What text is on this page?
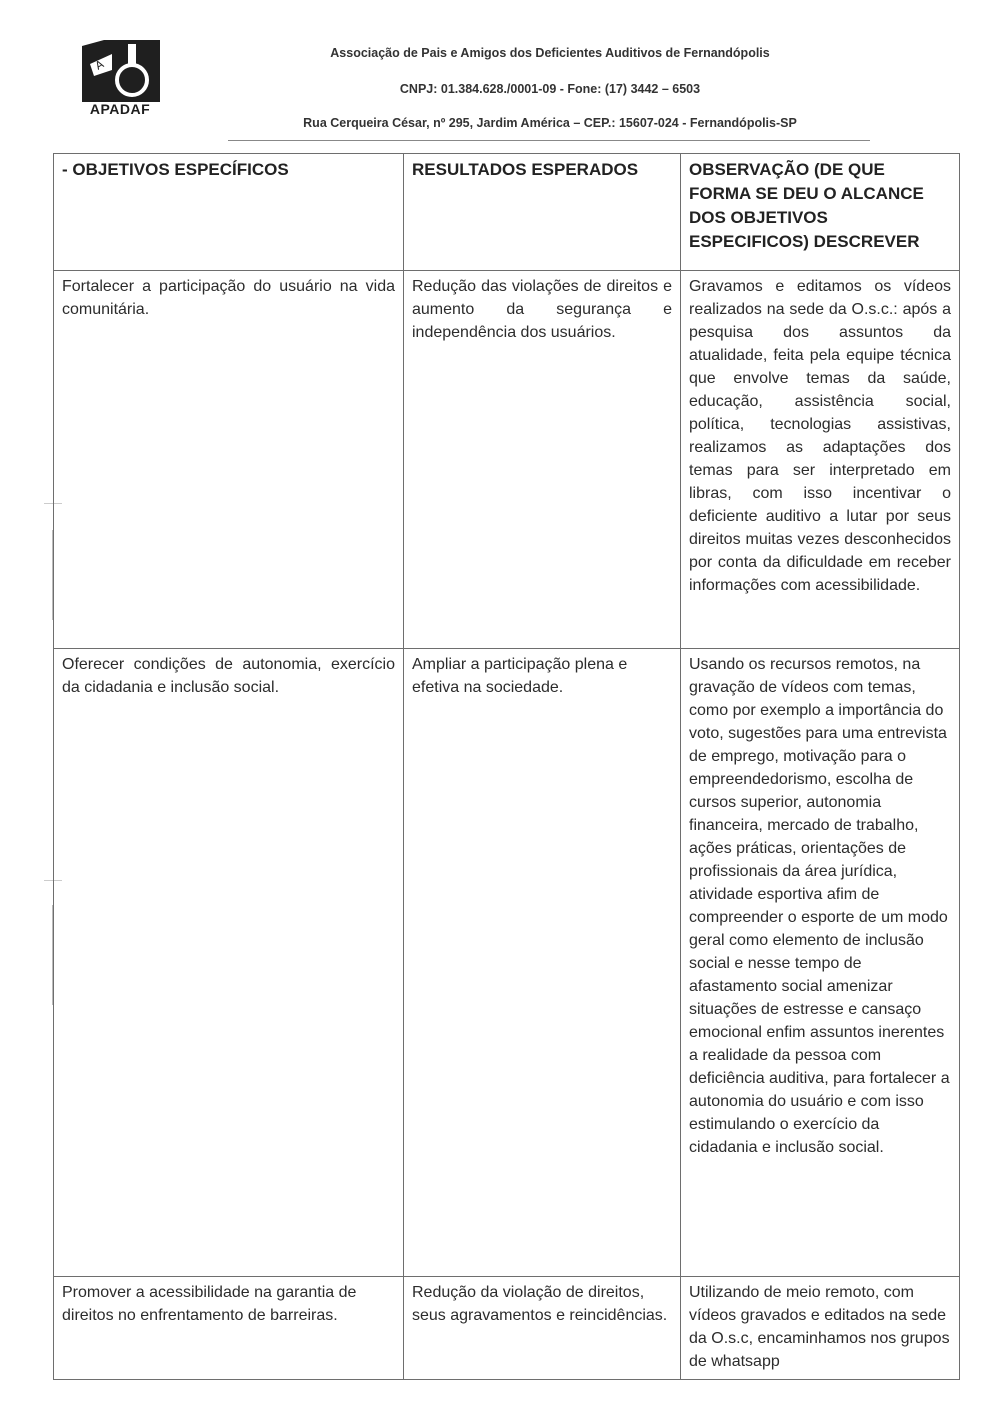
A
APADAF
Associação de Pais e Amigos dos Deficientes Auditivos de Fernandópolis
CNPJ: 01.384.628./0001-09 - Fone: (17) 3442 – 6503
Rua Cerqueira César, nº 295, Jardim América – CEP.: 15607-024 - Fernandópolis-SP
- OBJETIVOS ESPECÍFICOS	RESULTADOS ESPERADOS	OBSERVAÇÃO (DE QUE FORMA SE DEU O ALCANCE DOS OBJETIVOS ESPECIFICOS) DESCREVER
Fortalecer a participação do usuário na vida comunitária.	Redução das violações de direitos e aumento da segurança e independência dos usuários.	Gravamos e editamos os vídeos realizados na sede da O.s.c.: após a pesquisa dos assuntos da atualidade, feita pela equipe técnica que envolve temas da saúde, educação, assistência social, política, tecnologias assistivas, realizamos as adaptações dos temas para ser interpretado em libras, com isso incentivar o deficiente auditivo a lutar por seus direitos muitas vezes desconhecidos por conta da dificuldade em receber informações com acessibilidade.
Oferecer condições de autonomia, exercício da cidadania e inclusão social.	Ampliar a participação plena e efetiva na sociedade.	Usando os recursos remotos, na gravação de vídeos com temas, como por exemplo a importância do voto, sugestões para uma entrevista de emprego, motivação para o empreendedorismo, escolha de cursos superior, autonomia financeira, mercado de trabalho, ações práticas, orientações de profissionais da área jurídica, atividade esportiva afim de compreender o esporte de um modo geral como elemento de inclusão social e nesse tempo de afastamento social amenizar situações de estresse e cansaço emocional enfim assuntos inerentes a realidade da pessoa com deficiência auditiva, para fortalecer a autonomia do usuário e com isso estimulando o exercício da cidadania e inclusão social.
Promover a acessibilidade na garantia de direitos no enfrentamento de barreiras.	Redução da violação de direitos, seus agravamentos e reincidências.	Utilizando de meio remoto, com vídeos gravados e editados na sede da O.s.c, encaminhamos nos grupos de whatsapp
